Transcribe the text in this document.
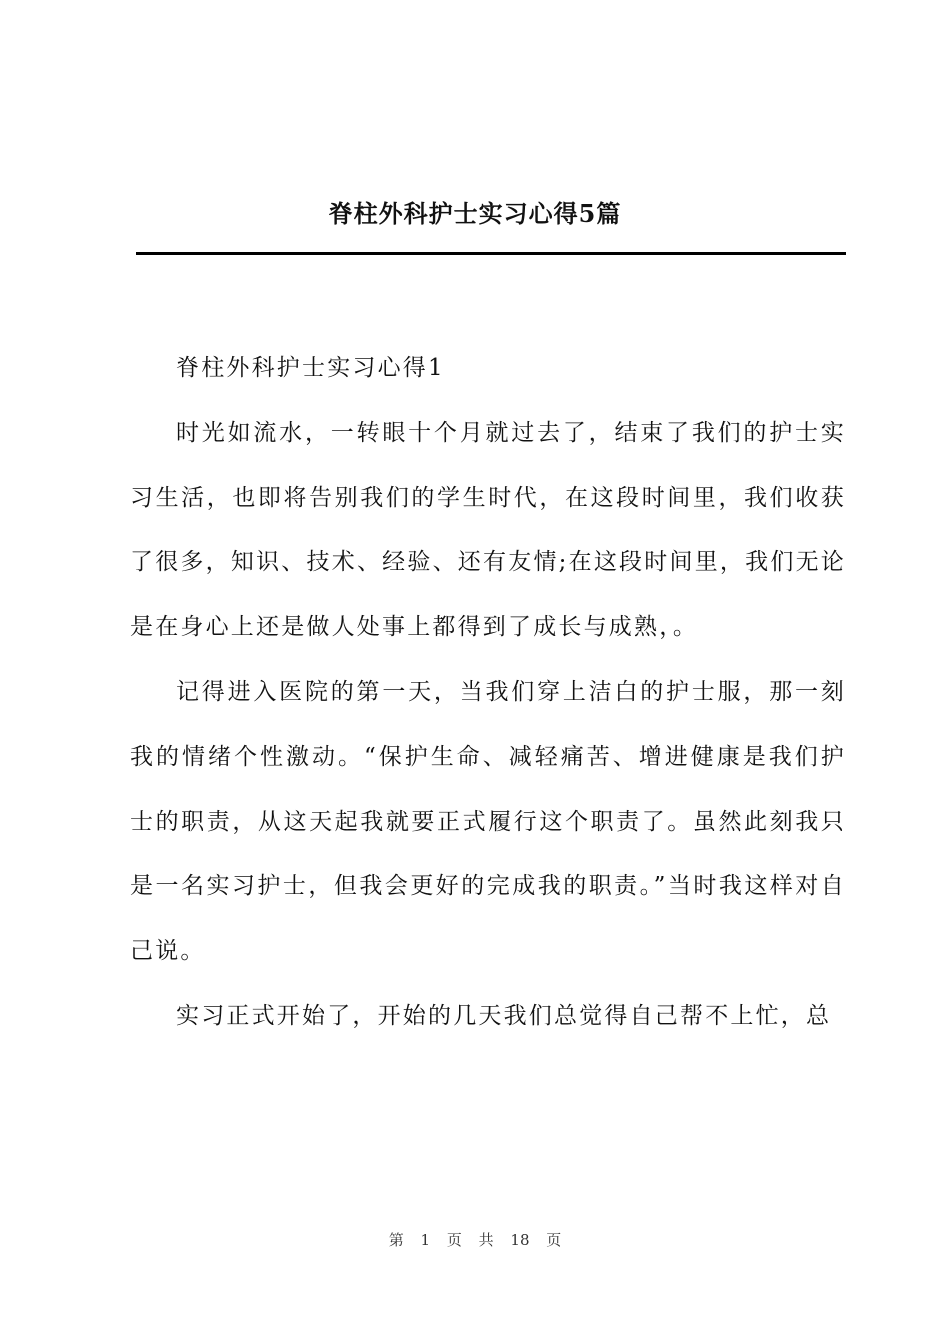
脊柱外科护士实习心得5篇

脊柱外科护士实习心得1

时光如流水，一转眼十个月就过去了，结束了我们的护士实习生活，也即将告别我们的学生时代，在这段时间里，我们收获了很多，知识、技术、经验、还有友情;在这段时间里，我们无论是在身心上还是做人处事上都得到了成长与成熟，。

记得进入医院的第一天，当我们穿上洁白的护士服，那一刻我的情绪个性激动。“保护生命、减轻痛苦、增进健康是我们护士的职责，从这天起我就要正式履行这个职责了。虽然此刻我只是一名实习护士，但我会更好的完成我的职责。”当时我这样对自己说。

实习正式开始了，开始的几天我们总觉得自己帮不上忙，总

第 1 页 共 18 页
